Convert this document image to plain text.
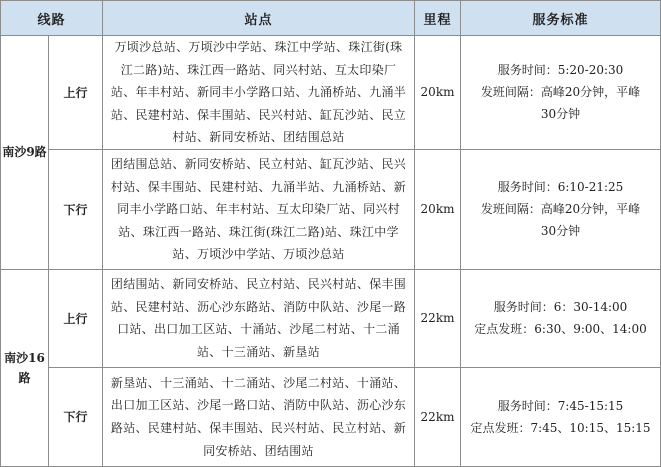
线路		站点	里程	服务标准
南沙9路	上行	万顷沙总站、万顷沙中学站、珠江中学站、珠江街(珠江二路)站、珠江西一路站、同兴村站、互太印染厂站、年丰村站、新同丰小学路口站、九涌桥站、九涌半站、民建村站、保丰围站、民兴村站、缸瓦沙站、民立村站、新同安桥站、团结围总站	20km	服务时间：5:20-20:30
发班间隔：高峰20分钟，平峰
30分钟

	下行	团结围总站、新同安桥站、民立村站、缸瓦沙站、民兴村站、保丰围站、民建村站、九涌半站、九涌桥站、新同丰小学路口站、年丰村站、互太印染厂站、同兴村站、珠江西一路站、珠江街(珠江二路)站、珠江中学站、万顷沙中学站、万顷沙总站	20km	服务时间：6:10-21:25
发班间隔：高峰20分钟，平峰
30分钟

南沙16路	上行	团结围站、新同安桥站、民立村站、民兴村站、保丰围站、民建村站、沥心沙东路站、消防中队站、沙尾一路口站、出口加工区站、十涌站、沙尾二村站、十二涌站、十三涌站、新垦站	22km	服务时间：6：30-14:00
定点发班：6:30、9:00、14:00

	下行	新垦站、十三涌站、十二涌站、沙尾二村站、十涌站、出口加工区站、沙尾一路口站、消防中队站、沥心沙东路站、民建村站、保丰围站、民兴村站、民立村站、新同安桥站、团结围站	22km	服务时间：7:45-15:15
定点发班：7:45、10:15、15:15
